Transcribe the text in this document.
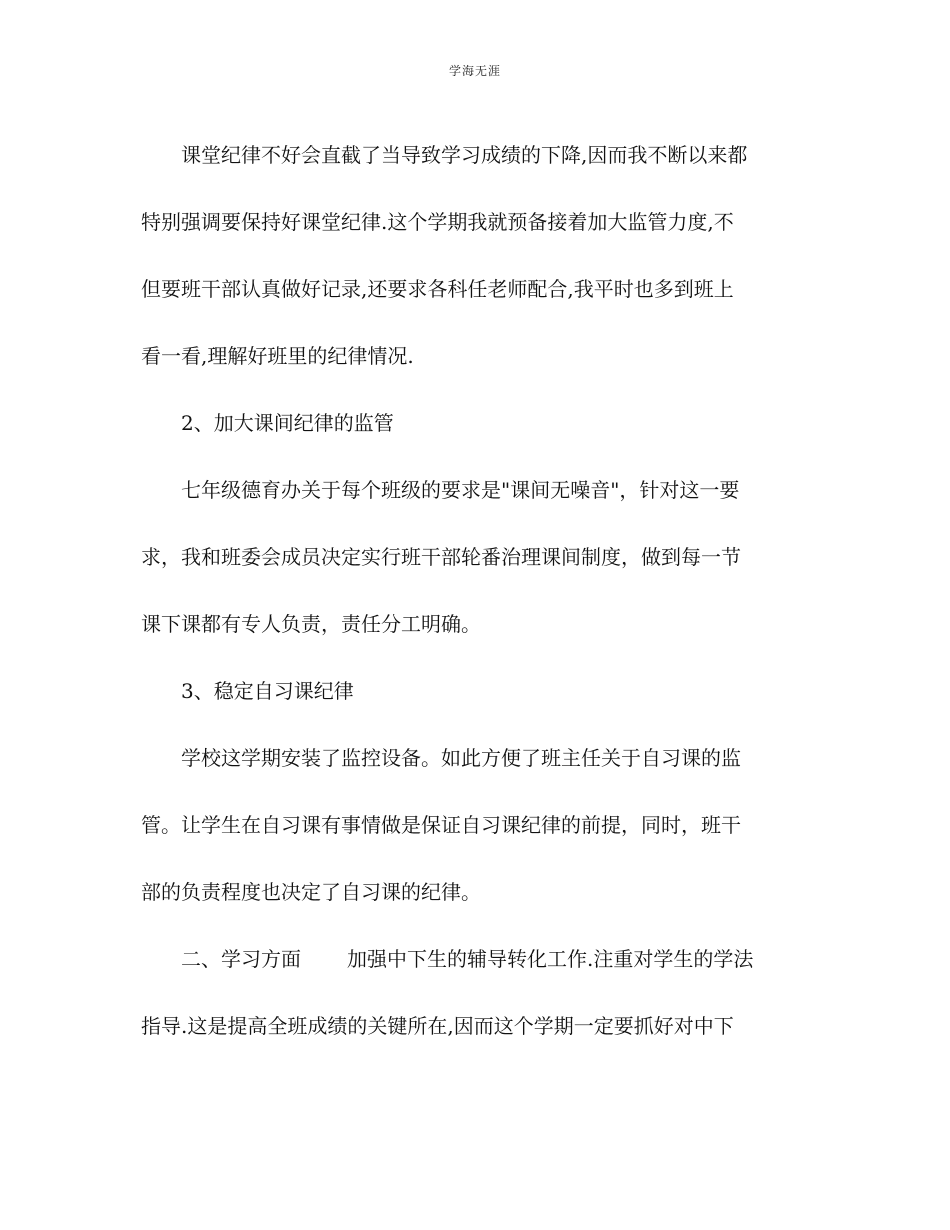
学海无涯
课堂纪律不好会直截了当导致学习成绩的下降,因而我不断以来都
特别强调要保持好课堂纪律.这个学期我就预备接着加大监管力度,不
但要班干部认真做好记录,还要求各科任老师配合,我平时也多到班上
看一看,理解好班里的纪律情况.
2、加大课间纪律的监管
七年级德育办关于每个班级的要求是"课间无噪音"，针对这一要
求，我和班委会成员决定实行班干部轮番治理课间制度，做到每一节
课下课都有专人负责，责任分工明确。
3、稳定自习课纪律
学校这学期安装了监控设备。如此方便了班主任关于自习课的监
管。让学生在自习课有事情做是保证自习课纪律的前提，同时，班干
部的负责程度也决定了自习课的纪律。
二、学习方面 加强中下生的辅导转化工作.注重对学生的学法
指导.这是提高全班成绩的关键所在,因而这个学期一定要抓好对中下
